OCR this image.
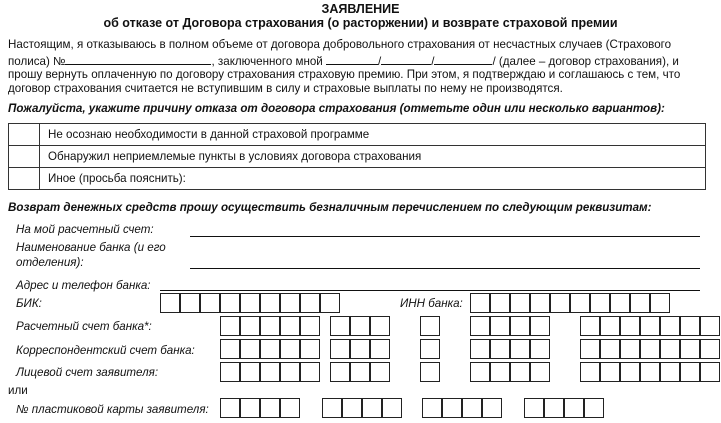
ЗАЯВЛЕНИЕ
об отказе от Договора страхования (о расторжении) и возврате страховой премии
Настоящим, я отказываюсь в полном объеме от договора добровольного страхования от несчастных случаев (Страхового
полиса) №	, заключенного мной	/	/	/ (далее – договор страхования), и
прошу вернуть оплаченную по договору страхования страховую премию. При этом, я подтверждаю и соглашаюсь с тем, что
договор страхования считается не вступившим в силу и страховые выплаты по нему не производятся.
Пожалуйста, укажите причину отказа от договора страхования (отметьте один или несколько вариантов):
	Не осознаю необходимости в данной страховой программе
	Обнаружил неприемлемые пункты в условиях договора страхования
	Иное (просьба пояснить):
Возврат денежных средств прошу осуществить безналичным перечислением по следующим реквизитам:
На мой расчетный счет:
Наименование банка (и его
отделения):
Адрес и телефон банка:
БИК:	ИНН банка:
Расчетный счет банка*:
Корреспондентский счет банка:
Лицевой счет заявителя:
или
№ пластиковой карты заявителя:
